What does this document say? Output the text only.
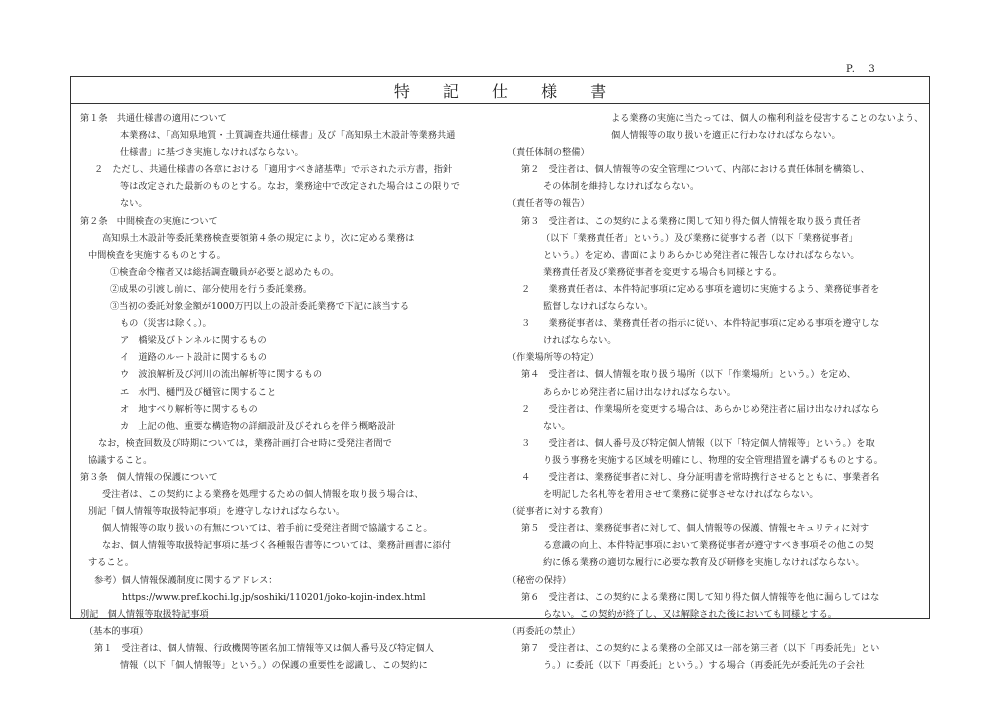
P.   3
特 記 仕 様 書
第１条　共通仕様書の適用について
本業務は、「高知県地質・土質調査共通仕様書」及び「高知県土木設計等業務共通
仕様書」に基づき実施しなければならない。
２　ただし、共通仕様書の各章における「適用すべき諸基準」で示された示方書，指針
等は改定された最新のものとする。なお，業務途中で改定された場合はこの限りで
ない。
第２条　中間検査の実施について
高知県土木設計等委託業務検査要領第４条の規定により，次に定める業務は
中間検査を実施するものとする。
①検査命令権者又は総括調査職員が必要と認めたもの。
②成果の引渡し前に、部分使用を行う委託業務。
③当初の委託対象金額が1000万円以上の設計委託業務で下記に該当する
もの（災害は除く。）。
ア　橋梁及びトンネルに関するもの
イ　道路のルート設計に関するもの
ウ　波浪解析及び河川の流出解析等に関するもの
エ　水門、樋門及び樋管に関すること
オ　地すべり解析等に関するもの
カ　上記の他、重要な構造物の詳細設計及びそれらを伴う概略設計
なお，検査回数及び時期については，業務計画打合せ時に受発注者間で
協議すること。
第３条　個人情報の保護について
受注者は、この契約による業務を処理するための個人情報を取り扱う場合は、
別記「個人情報等取扱特記事項」を遵守しなければならない。
個人情報等の取り扱いの有無については、着手前に受発注者間で協議すること。
なお、個人情報等取扱特記事項に基づく各種報告書等については、業務計画書に添付
すること。
参考）個人情報保護制度に関するアドレス：
https://www.pref.kochi.lg.jp/soshiki/110201/joko-kojin-index.html
別記　個人情報等取扱特記事項
（基本的事項）
第１　受注者は、個人情報、行政機関等匿名加工情報等又は個人番号及び特定個人
情報（以下「個人情報等」という。）の保護の重要性を認識し、この契約に
よる業務の実施に当たっては、個人の権利利益を侵害することのないよう、
個人情報等の取り扱いを適正に行わなければならない。
（責任体制の整備）
第２　受注者は、個人情報等の安全管理について、内部における責任体制を構築し、
その体制を維持しなければならない。
（責任者等の報告）
第３　受注者は、この契約による業務に関して知り得た個人情報を取り扱う責任者
（以下「業務責任者」という。）及び業務に従事する者（以下「業務従事者」
という。）を定め、書面によりあらかじめ発注者に報告しなければならない。
業務責任者及び業務従事者を変更する場合も同様とする。
２　　業務責任者は、本件特記事項に定める事項を適切に実施するよう、業務従事者を
監督しなければならない。
３　　業務従事者は、業務責任者の指示に従い、本件特記事項に定める事項を遵守しな
ければならない。
（作業場所等の特定）
第４　受注者は、個人情報を取り扱う場所（以下「作業場所」という。）を定め、
あらかじめ発注者に届け出なければならない。
２　　受注者は、作業場所を変更する場合は、あらかじめ発注者に届け出なければなら
ない。
３　　受注者は、個人番号及び特定個人情報（以下「特定個人情報等」という。）を取
り扱う事務を実施する区域を明確にし、物理的安全管理措置を講ずるものとする。
４　　受注者は、業務従事者に対し、身分証明書を常時携行させるとともに、事業者名
を明記した名札等を着用させて業務に従事させなければならない。
（従事者に対する教育）
第５　受注者は、業務従事者に対して、個人情報等の保護、情報セキュリティに対す
る意識の向上、本件特記事項において業務従事者が遵守すべき事項その他この契
約に係る業務の適切な履行に必要な教育及び研修を実施しなければならない。
（秘密の保持）
第６　受注者は、この契約による業務に関して知り得た個人情報等を他に漏らしてはな
らない。この契約が終了し、又は解除された後においても同様とする。
（再委託の禁止）
第７　受注者は、この契約による業務の全部又は一部を第三者（以下「再委託先」とい
う。）に委託（以下「再委託」という。）する場合（再委託先が委託先の子会社
